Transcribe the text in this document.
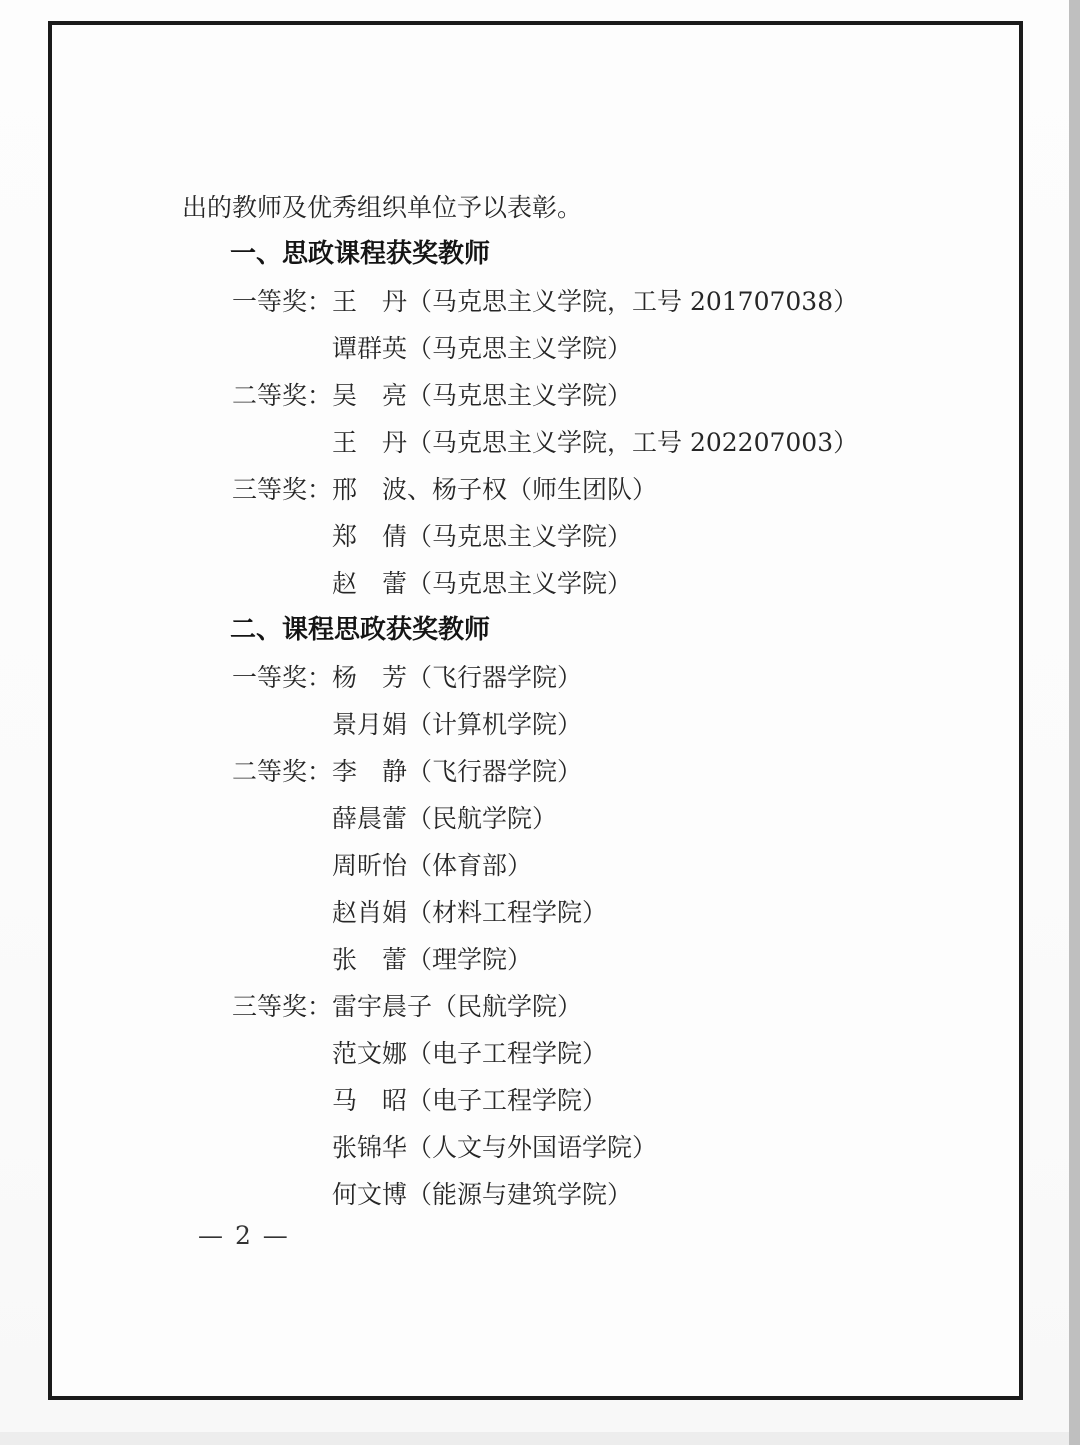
出的教师及优秀组织单位予以表彰。
一、思政课程获奖教师
一等奖：王　丹（马克思主义学院，工号 201707038）
谭群英（马克思主义学院）
二等奖：吴　亮（马克思主义学院）
王　丹（马克思主义学院，工号 202207003）
三等奖：邢　波、杨子权（师生团队）
郑　倩（马克思主义学院）
赵　蕾（马克思主义学院）
二、课程思政获奖教师
一等奖：杨　芳（飞行器学院）
景月娟（计算机学院）
二等奖：李　静（飞行器学院）
薛晨蕾（民航学院）
周昕怡（体育部）
赵肖娟（材料工程学院）
张　蕾（理学院）
三等奖：雷宇晨子（民航学院）
范文娜（电子工程学院）
马　昭（电子工程学院）
张锦华（人文与外国语学院）
何文博（能源与建筑学院）
— 2 —
